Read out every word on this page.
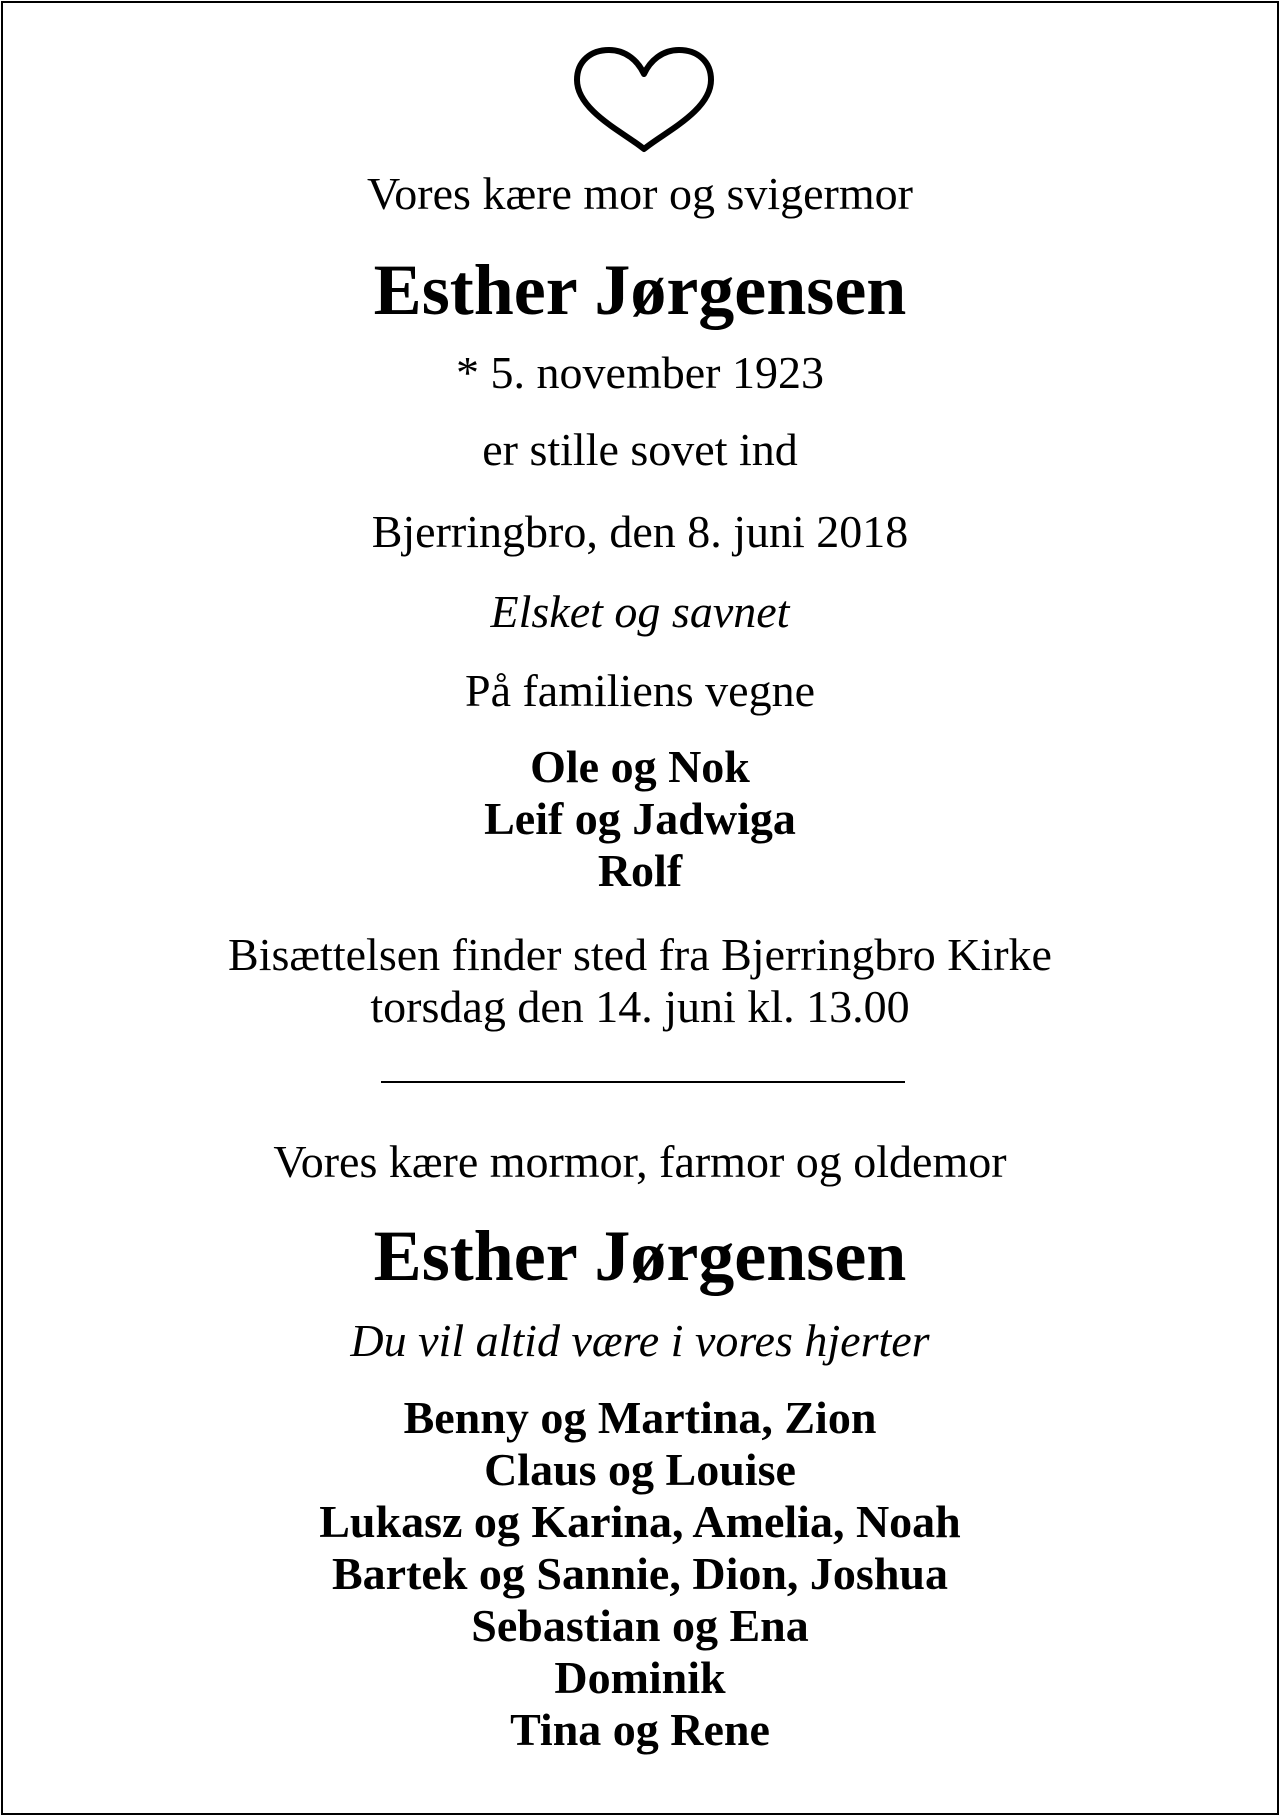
Vores kære mor og svigermor
Esther Jørgensen
* 5. november 1923
er stille sovet ind
Bjerringbro, den 8. juni 2018
Elsket og savnet
På familiens vegne
Ole og Nok
Leif og Jadwiga
Rolf
Bisættelsen finder sted fra Bjerringbro Kirke
torsdag den 14. juni kl. 13.00
Vores kære mormor, farmor og oldemor
Esther Jørgensen
Du vil altid være i vores hjerter
Benny og Martina, Zion
Claus og Louise
Lukasz og Karina, Amelia, Noah
Bartek og Sannie, Dion, Joshua
Sebastian og Ena
Dominik
Tina og Rene
